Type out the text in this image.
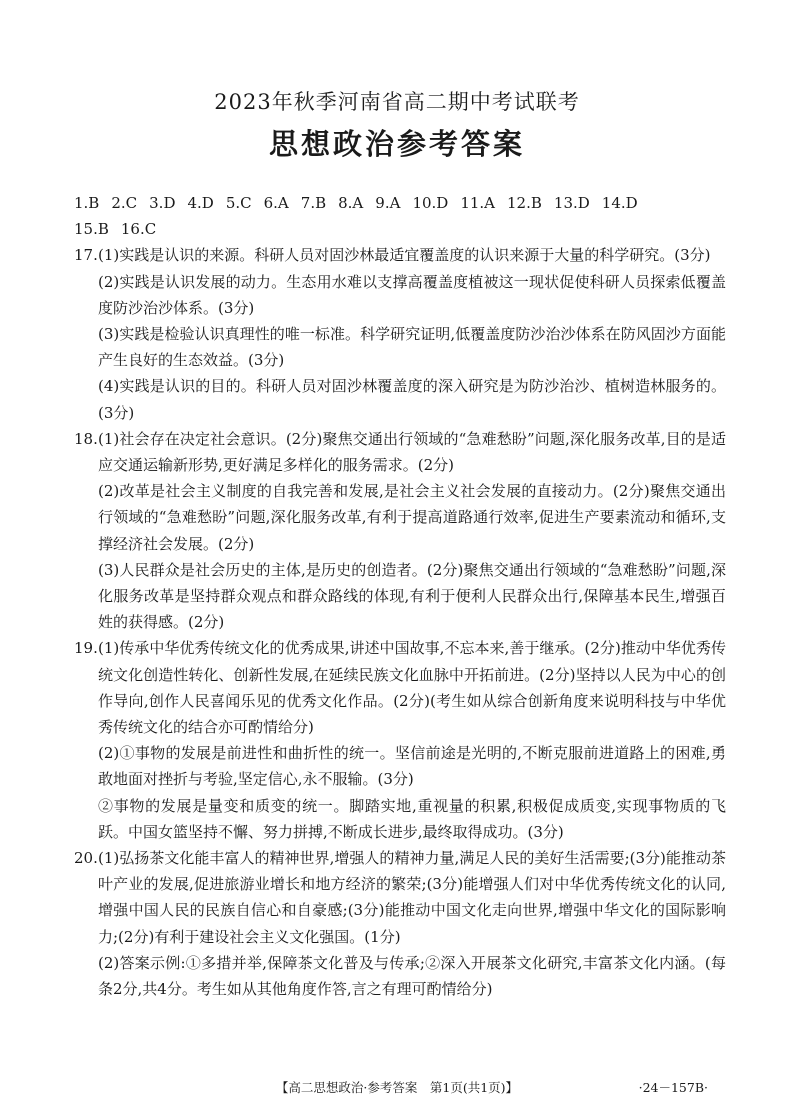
2023年秋季河南省高二期中考试联考
思想政治参考答案
1.B 2.C 3.D 4.D 5.C 6.A 7.B 8.A 9.A 10.D 11.A 12.B 13.D 14.D
15.B 16.C
17. (1)实践是认识的来源。科研人员对固沙林最适宜覆盖度的认识来源于大量的科学研究。(3分)
(2)实践是认识发展的动力。生态用水难以支撑高覆盖度植被这一现状促使科研人员探索低覆盖度防沙治沙体系。(3分)
(3)实践是检验认识真理性的唯一标准。科学研究证明,低覆盖度防沙治沙体系在防风固沙方面能产生良好的生态效益。(3分)
(4)实践是认识的目的。科研人员对固沙林覆盖度的深入研究是为防沙治沙、植树造林服务的。(3分)
18. (1)社会存在决定社会意识。(2分)聚焦交通出行领域的“急难愁盼”问题,深化服务改革,目的是适应交通运输新形势,更好满足多样化的服务需求。(2分)
(2)改革是社会主义制度的自我完善和发展,是社会主义社会发展的直接动力。(2分)聚焦交通出行领域的“急难愁盼”问题,深化服务改革,有利于提高道路通行效率,促进生产要素流动和循环,支撑经济社会发展。(2分)
(3)人民群众是社会历史的主体,是历史的创造者。(2分)聚焦交通出行领域的“急难愁盼”问题,深化服务改革是坚持群众观点和群众路线的体现,有利于便利人民群众出行,保障基本民生,增强百姓的获得感。(2分)
19. (1)传承中华优秀传统文化的优秀成果,讲述中国故事,不忘本来,善于继承。(2分)推动中华优秀传统文化创造性转化、创新性发展,在延续民族文化血脉中开拓前进。(2分)坚持以人民为中心的创作导向,创作人民喜闻乐见的优秀文化作品。(2分)(考生如从综合创新角度来说明科技与中华优秀传统文化的结合亦可酌情给分)
(2)①事物的发展是前进性和曲折性的统一。坚信前途是光明的,不断克服前进道路上的困难,勇敢地面对挫折与考验,坚定信心,永不服输。(3分)
②事物的发展是量变和质变的统一。脚踏实地,重视量的积累,积极促成质变,实现事物质的飞跃。中国女篮坚持不懈、努力拼搏,不断成长进步,最终取得成功。(3分)
20. (1)弘扬茶文化能丰富人的精神世界,增强人的精神力量,满足人民的美好生活需要;(3分)能推动茶叶产业的发展,促进旅游业增长和地方经济的繁荣;(3分)能增强人们对中华优秀传统文化的认同,增强中国人民的民族自信心和自豪感;(3分)能推动中国文化走向世界,增强中华文化的国际影响力;(2分)有利于建设社会主义文化强国。(1分)
(2)答案示例:①多措并举,保障茶文化普及与传承;②深入开展茶文化研究,丰富茶文化内涵。(每条2分,共4分。考生如从其他角度作答,言之有理可酌情给分)
【高二思想政治·参考答案　第1页(共1页)】	·24－157B·
